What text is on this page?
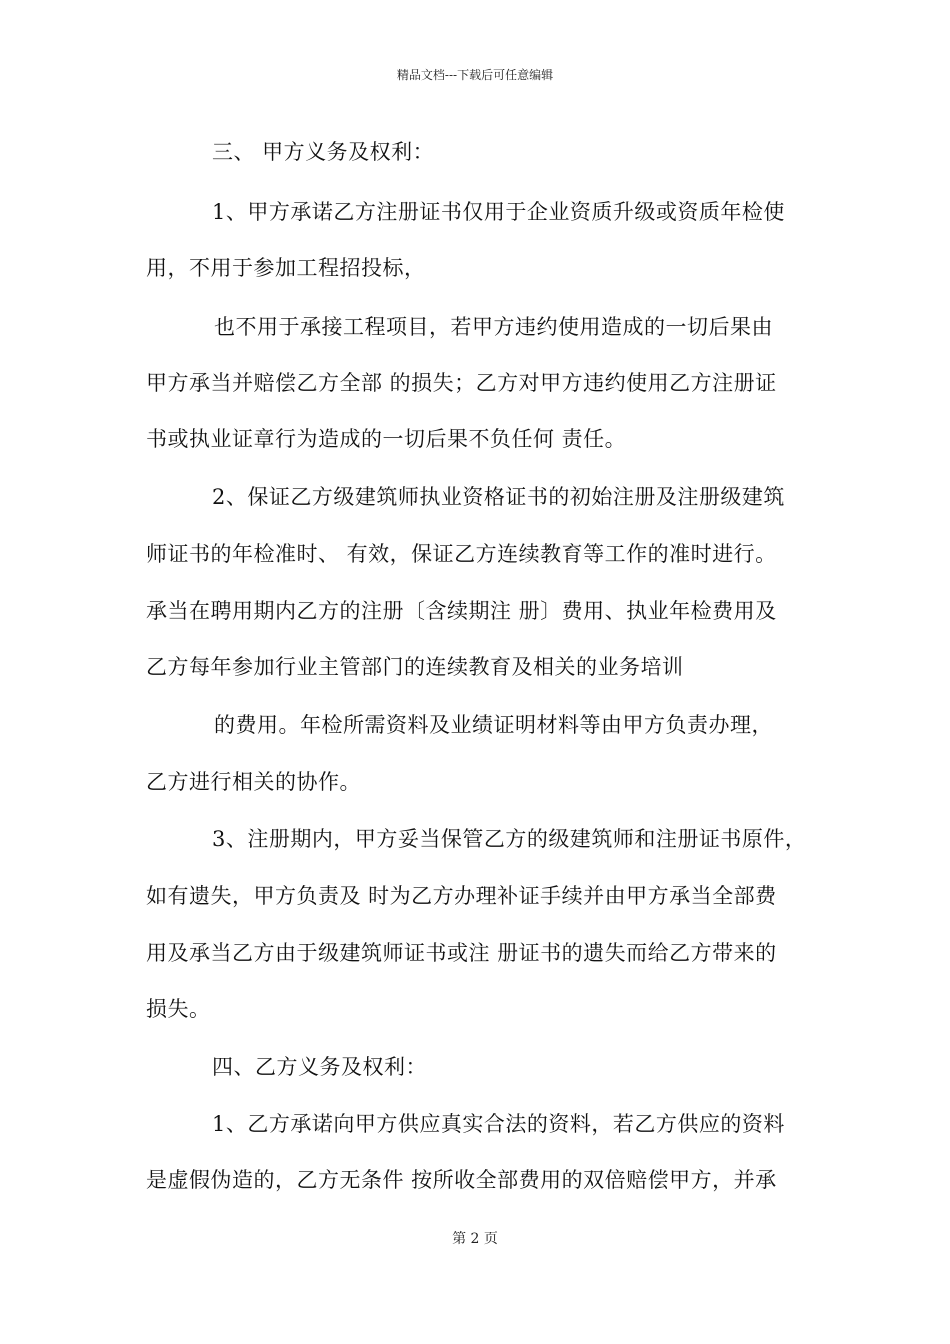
精品文档---下载后可任意编辑
三、 甲方义务及权利：
1、甲方承诺乙方注册证书仅用于企业资质升级或资质年检使
用，不用于参加工程招投标，
也不用于承接工程项目，若甲方违约使用造成的一切后果由
甲方承当并赔偿乙方全部 的损失；乙方对甲方违约使用乙方注册证
书或执业证章行为造成的一切后果不负任何 责任。
2、保证乙方级建筑师执业资格证书的初始注册及注册级建筑
师证书的年检准时、 有效，保证乙方连续教育等工作的准时进行。
承当在聘用期内乙方的注册〔含续期注 册〕费用、执业年检费用及
乙方每年参加行业主管部门的连续教育及相关的业务培训
的费用。年检所需资料及业绩证明材料等由甲方负责办理，
乙方进行相关的协作。
3、注册期内，甲方妥当保管乙方的级建筑师和注册证书原件，
如有遗失，甲方负责及 时为乙方办理补证手续并由甲方承当全部费
用及承当乙方由于级建筑师证书或注 册证书的遗失而给乙方带来的
损失。
四、乙方义务及权利：
1、乙方承诺向甲方供应真实合法的资料，若乙方供应的资料
是虚假伪造的，乙方无条件 按所收全部费用的双倍赔偿甲方，并承
第 2 页
